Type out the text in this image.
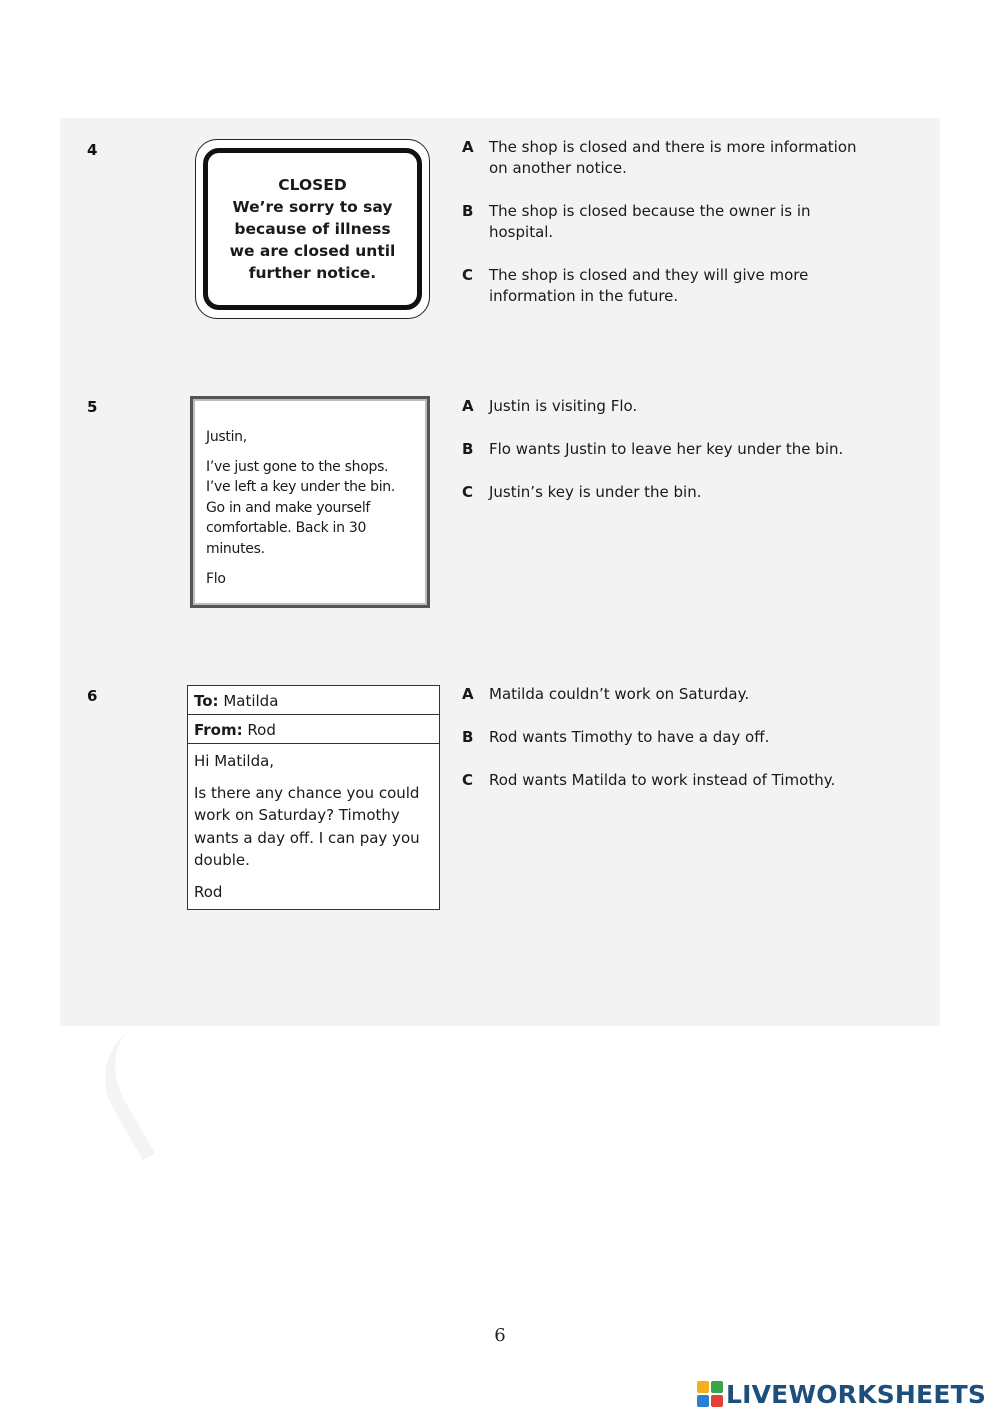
4
CLOSED
We’re sorry to say
because of illness
we are closed until
further notice.
A The shop is closed and there is more information on another notice.
B The shop is closed because the owner is in hospital.
C The shop is closed and they will give more information in the future.
5

Justin,

I’ve just gone to the shops. I’ve left a key under the bin. Go in and make yourself comfortable. Back in 30 minutes.

Flo

A Justin is visiting Flo.
B Flo wants Justin to leave her key under the bin.
C Justin’s key is under the bin.
6	To: Matilda
From: Rod

Hi Matilda,

Is there any chance you could work on Saturday? Timothy wants a day off. I can pay you double.

Rod

A Matilda couldn’t work on Saturday.
B Rod wants Timothy to have a day off.
C Rod wants Matilda to work instead of Timothy.
6
LIVEWORKSHEETS
